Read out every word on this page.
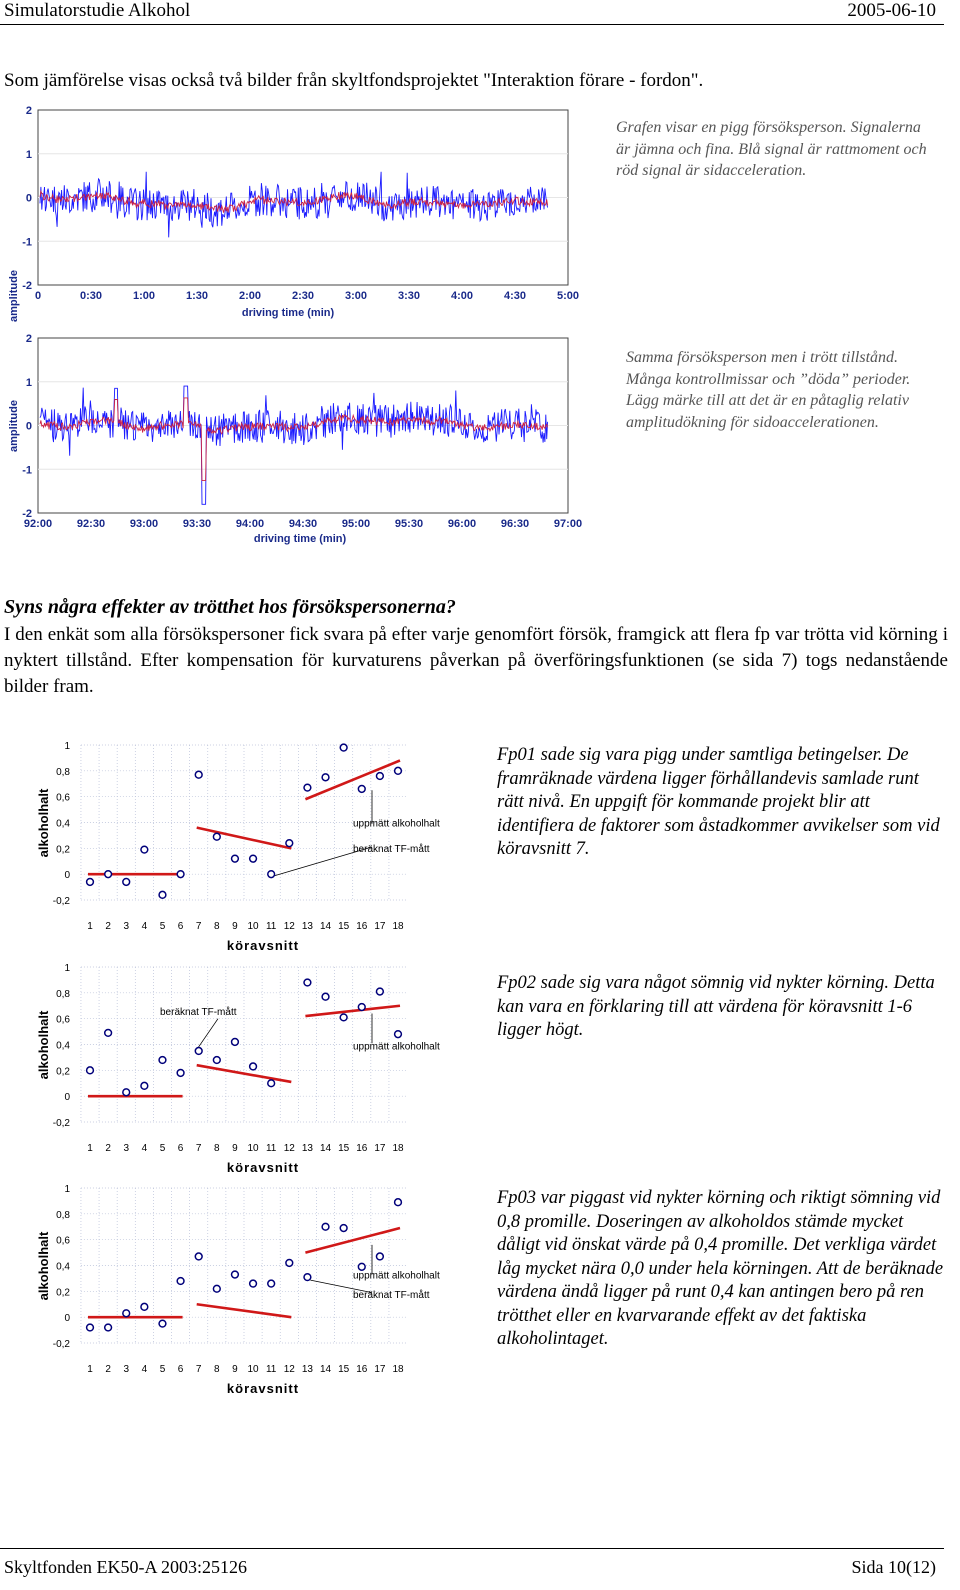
Simulatorstudie Alkohol	2005-06-10
Som jämförelse visas också två bilder från skyltfondsprojektet "Interaktion förare - fordon".
2
1
0
-1
-2
0	0:30	1:00	1:30	2:00	2:30	3:00	3:30	4:00	4:30	5:00
amplitude	driving time (min)
2
1
0
-1
-2
92:00 92:30 93:00 93:30 94:00 94:30 95:00 95:30 96:00 96:30 97:00
amplitude
driving time (min)
Grafen visar en pigg försöksperson. Signalerna är jämna och fina. Blå signal är rattmoment och röd signal är sidacceleration.
Samma försöksperson men i trött tillstånd. Många kontrollmissar och ”döda” perioder. Lägg märke till att det är en påtaglig relativ amplitudökning för sidoaccelerationen.
Syns några effekter av trötthet hos försökspersonerna?
I den enkät som alla försökspersoner fick svara på efter varje genomfört försök, framgick att flera fp var trötta vid körning i nyktert tillstånd. Efter kompensation för kurvaturens påverkan på överföringsfunktionen (se sida 7) togs nedanstående bilder fram.
1
0,8
0,6
0,4
0,2
0
-0,2
1 2 3 4 5 6 7 8 9 10 11 12 13 14 15 16 17 18
alkoholhalt
köravsnitt
uppmätt alkoholhalt
beräknat TF-mått
1
0,8
0,6
0,4
0,2
0
-0,2
1 2 3 4 5 6 7 8 9 10 11 12 13 14 15 16 17 18
alkoholhalt
köravsnitt
beräknat TF-mått
uppmätt alkoholhalt
1
0,8
0,6
0,4
0,2
0
-0,2
1 2 3 4 5 6 7 8 9 10 11 12 13 14 15 16 17 18
alkoholhalt
köravsnitt
uppmätt alkoholhalt
beräknat TF-mått
Fp01 sade sig vara pigg under samtliga betingelser. De framräknade värdena ligger förhållandevis samlade runt rätt nivå. En uppgift för kommande projekt blir att identifiera de faktorer som åstadkommer avvikelser som vid köravsnitt 7.
Fp02 sade sig vara något sömnig vid nykter körning. Detta kan vara en förklaring till att värdena för köravsnitt 1-6 ligger högt.
Fp03 var piggast vid nykter körning och riktigt sömning vid 0,8 promille. Doseringen av alkoholdos stämde mycket dåligt vid önskat värde på 0,4 promille. Det verkliga värdet låg mycket nära 0,0 under hela körningen. Att de beräknade värdena ändå ligger på runt 0,4 kan antingen bero på ren trötthet eller en kvarvarande effekt av det faktiska alkoholintaget.
Skyltfonden EK50-A 2003:25126	Sida 10(12)
